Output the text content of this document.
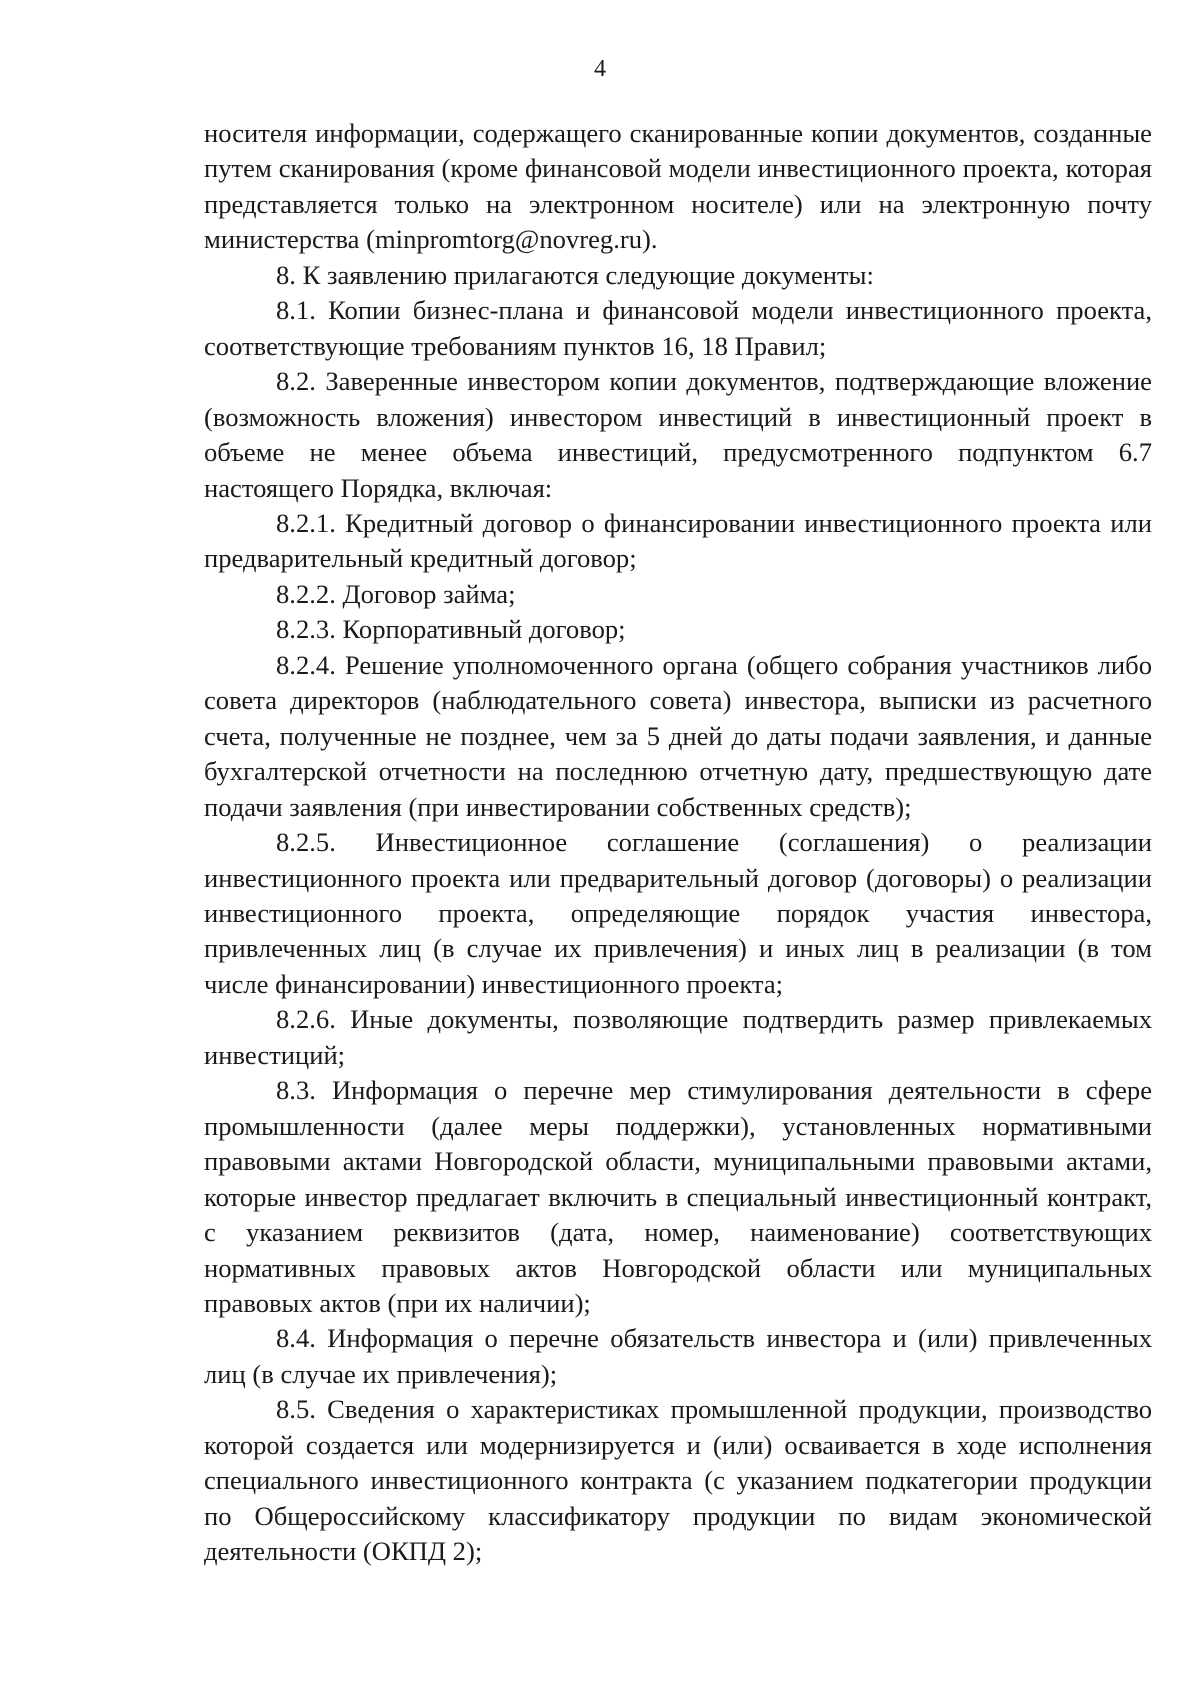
4

носителя информации, содержащего сканированные копии документов, созданные путем сканирования (кроме финансовой модели инвестиционного проекта, которая представляется только на электронном носителе) или на электронную почту министерства (minpromtorg@novreg.ru).

8. К заявлению прилагаются следующие документы:

8.1. Копии бизнес-плана и финансовой модели инвестиционного проекта, соответствующие требованиям пунктов 16, 18 Правил;

8.2. Заверенные инвестором копии документов, подтверждающие вложение (возможность вложения) инвестором инвестиций в инвестиционный проект в объеме не менее объема инвестиций, предусмотренного подпунктом 6.7 настоящего Порядка, включая:

8.2.1. Кредитный договор о финансировании инвестиционного проекта или предварительный кредитный договор;

8.2.2. Договор займа;

8.2.3. Корпоративный договор;

8.2.4. Решение уполномоченного органа (общего собрания участников либо совета директоров (наблюдательного совета) инвестора, выписки из расчетного счета, полученные не позднее, чем за 5 дней до даты подачи заявления, и данные бухгалтерской отчетности на последнюю отчетную дату, предшествующую дате подачи заявления (при инвестировании собственных средств);

8.2.5. Инвестиционное соглашение (соглашения) о реализации инвестиционного проекта или предварительный договор (договоры) о реализации инвестиционного проекта, определяющие порядок участия инвестора, привлеченных лиц (в случае их привлечения) и иных лиц в реализации (в том числе финансировании) инвестиционного проекта;

8.2.6. Иные документы, позволяющие подтвердить размер привлекаемых инвестиций;

8.3. Информация о перечне мер стимулирования деятельности в сфере промышленности (далее меры поддержки), установленных нормативными правовыми актами Новгородской области, муниципальными правовыми актами, которые инвестор предлагает включить в специальный инвестиционный контракт, с указанием реквизитов (дата, номер, наименование) соответствующих нормативных правовых актов Новгородской области или муниципальных правовых актов (при их наличии);

8.4. Информация о перечне обязательств инвестора и (или) привлеченных лиц (в случае их привлечения);

8.5. Сведения о характеристиках промышленной продукции, производство которой создается или модернизируется и (или) осваивается в ходе исполнения специального инвестиционного контракта (с указанием подкатегории продукции по Общероссийскому классификатору продукции по видам экономической деятельности (ОКПД 2);
